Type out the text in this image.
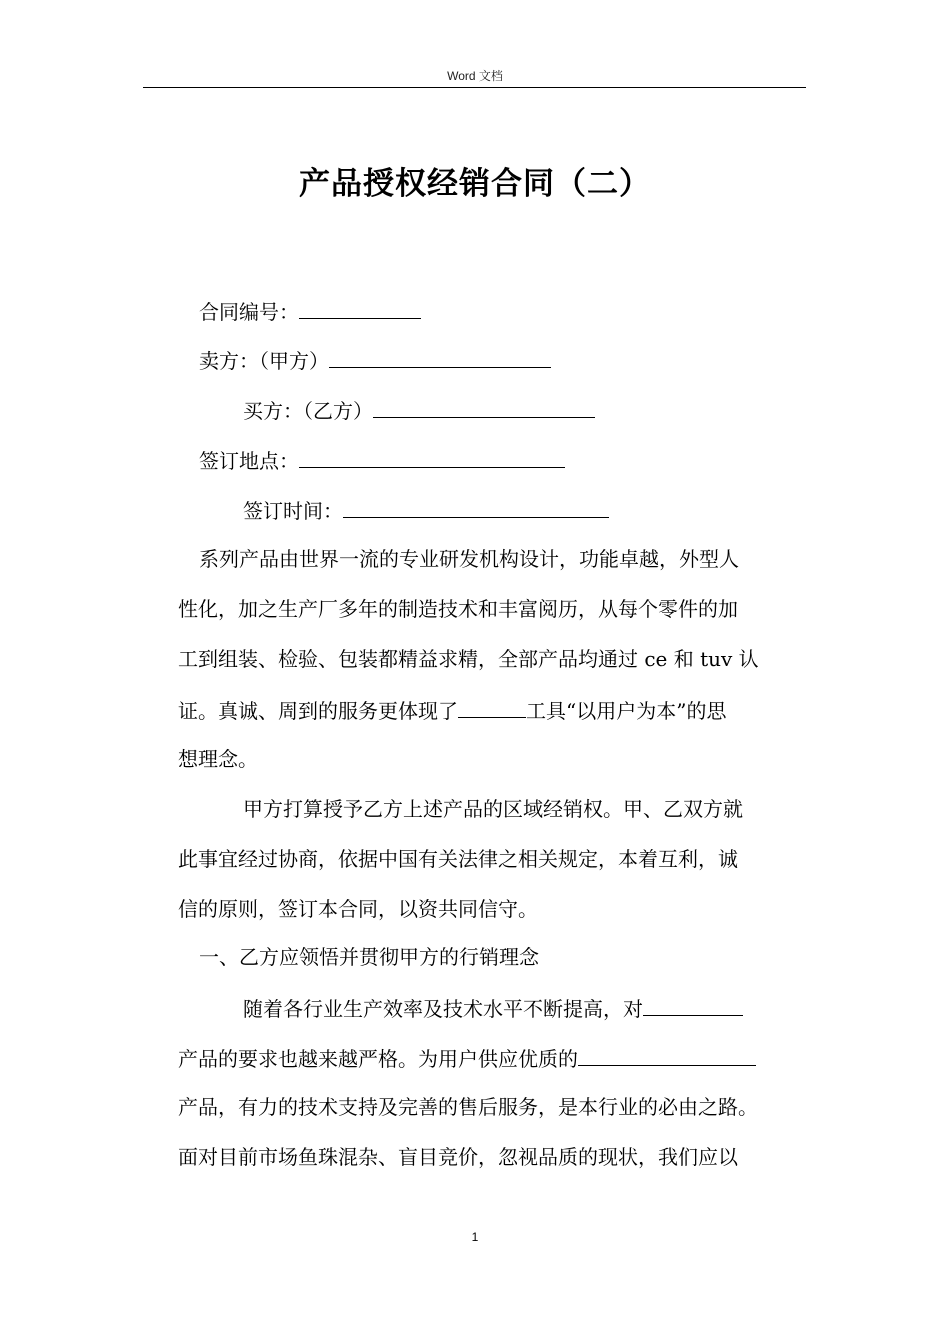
Word 文档
产品授权经销合同（二）
合同编号：
卖方：（甲方）
买方：（乙方）
签订地点：
签订时间：
系列产品由世界一流的专业研发机构设计，功能卓越，外型人
性化，加之生产厂多年的制造技术和丰富阅历，从每个零件的加
工到组装、检验、包装都精益求精，全部产品均通过 ce 和 tuv 认
证。真诚、周到的服务更体现了	工具“以用户为本”的思
想理念。
甲方打算授予乙方上述产品的区域经销权。甲、乙双方就
此事宜经过协商，依据中国有关法律之相关规定，本着互利，诚
信的原则，签订本合同，以资共同信守。
一、乙方应领悟并贯彻甲方的行销理念
随着各行业生产效率及技术水平不断提高，对
产品的要求也越来越严格。为用户供应优质的
产品，有力的技术支持及完善的售后服务，是本行业的必由之路。
面对目前市场鱼珠混杂、盲目竞价，忽视品质的现状，我们应以
1
